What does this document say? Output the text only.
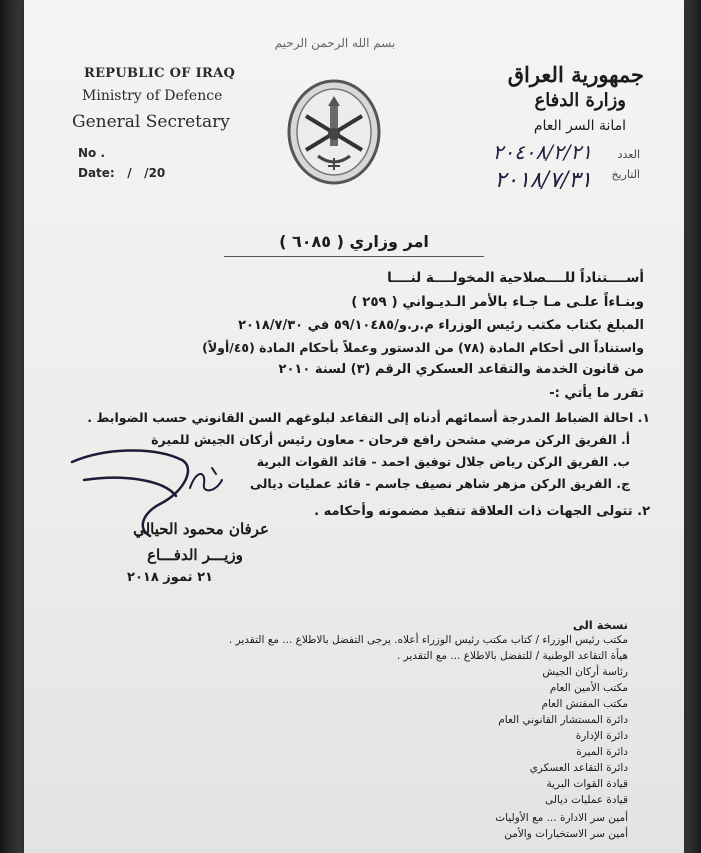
بسم الله الرحمن الرحيم
REPUBLIC OF IRAQ
Ministry of Defence
General Secretary
No .
Date:   /   /20
جمهورية العراق
وزارة الدفاع
امانة السر العام
العدد
التاريخ
٢٠٤٠٨/٢/٢١
٢٠١٨/٧/٣١
امر وزاري ( ٦٠٨٥ )
أســــتناداً للــــصلاحية المخولــــة لنــــا
وبنـاءاً علـى مـا جـاء بالأمر الـديـواني ( ٢٥٩ )
المبلغ بكتاب مكتب رئيس الوزراء م.ر.و/٥٩/١٠٤٨٥ في ٢٠١٨/٧/٣٠
واستناداً الى أحكام المادة (٧٨) من الدستور وعملاً بأحكام المادة (٤٥/أولاً)
من قانون الخدمة والتقاعد العسكري الرقم (٣) لسنة ٢٠١٠
تقرر ما يأتي :-
١. احالة الضباط المدرجة أسمائهم أدناه إلى التقاعد لبلوغهم السن القانوني حسب الضوابط .
أ. الفريق الركن مرضي مشحن رافع فرحان - معاون رئيس أركان الجيش للميرة
ب. الفريق الركن رياض جلال توفيق احمد - قائد القوات البرية
ج. الفريق الركن مزهر شاهر نصيف جاسم - قائد عمليات ديالى
٢. تتولى الجهات ذات العلاقة تنفيذ مضمونه وأحكامه .
عرفان محمود الحيالي
وزيـــر الدفـــاع
٢١ تموز ٢٠١٨
نسخة الى
مكتب رئيس الوزراء / كتاب مكتب رئيس الوزراء أعلاه. يرجى التفضل بالاطلاع ... مع التقدير .
هيأة التقاعد الوطنية / للتفضل بالاطلاع ... مع التقدير .
رئاسة أركان الجيش
مكتب الأمين العام
مكتب المفتش العام
دائرة المستشار القانوني العام
دائرة الإدارة
دائرة الميرة
دائرة التقاعد العسكري
قيادة القوات البرية
قيادة عمليات ديالى
أمين سر الادارة ... مع الأوليات
أمين سر الاستخبارات والأمن
